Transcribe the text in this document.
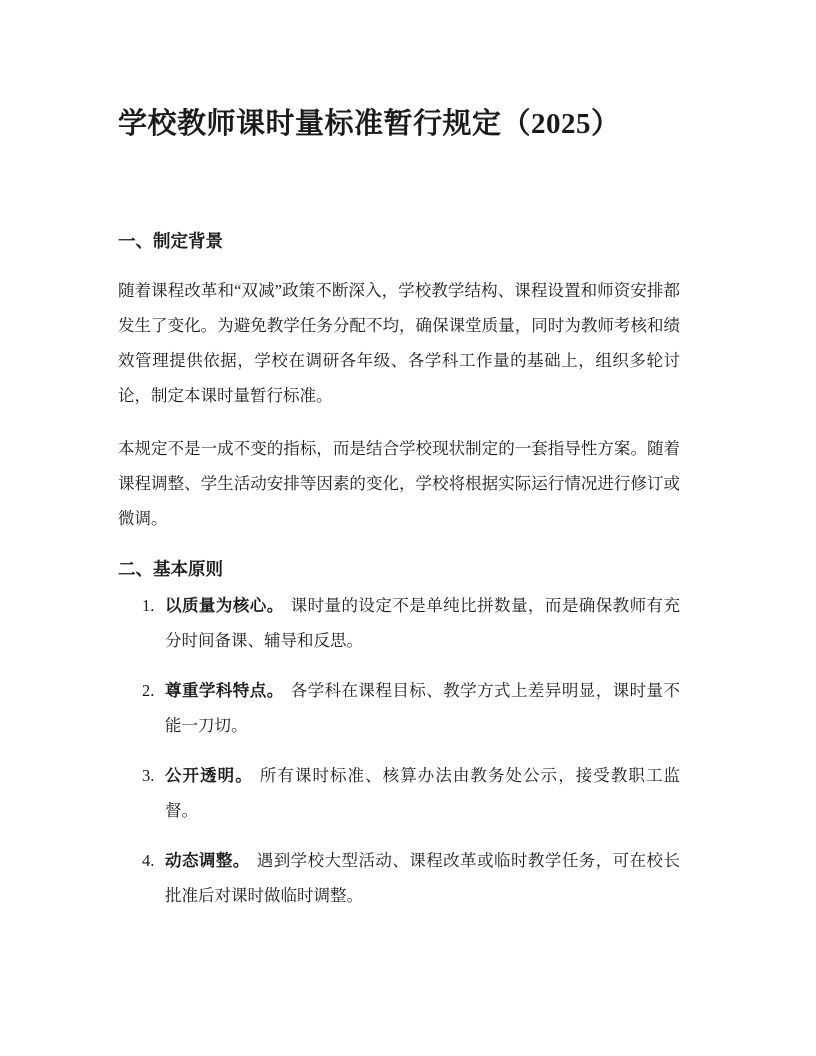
学校教师课时量标准暂行规定（2025）
一、制定背景

随着课程改革和“双减”政策不断深入，学校教学结构、课程设置和师资安排都发生了变化。为避免教学任务分配不均，确保课堂质量，同时为教师考核和绩效管理提供依据，学校在调研各年级、各学科工作量的基础上，组织多轮讨论，制定本课时量暂行标准。

本规定不是一成不变的指标，而是结合学校现状制定的一套指导性方案。随着课程调整、学生活动安排等因素的变化，学校将根据实际运行情况进行修订或微调。

二、基本原则
1. 以质量为核心。 课时量的设定不是单纯比拼数量，而是确保教师有充分时间备课、辅导和反思。
2. 尊重学科特点。 各学科在课程目标、教学方式上差异明显，课时量不能一刀切。
3. 公开透明。 所有课时标准、核算办法由教务处公示，接受教职工监督。
4. 动态调整。 遇到学校大型活动、课程改革或临时教学任务，可在校长批准后对课时做临时调整。
